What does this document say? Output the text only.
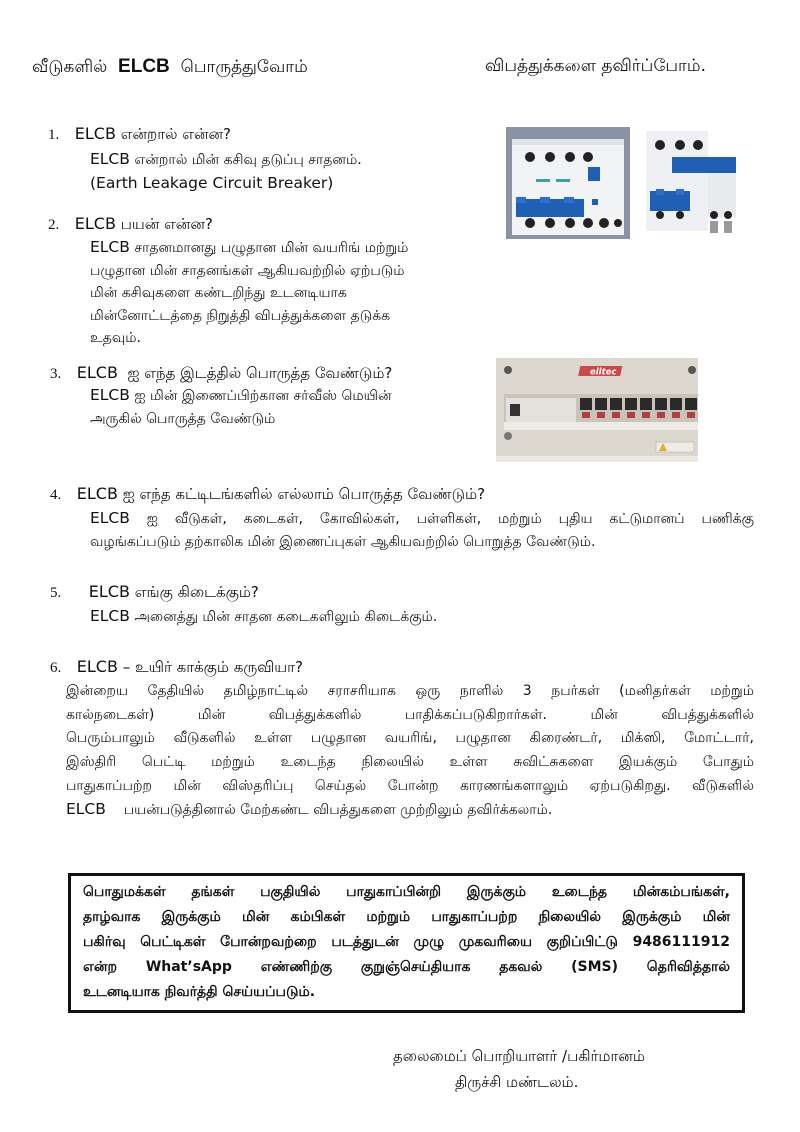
வீடுகளில் ELCB பொருத்துவோம்	விபத்துக்களை தவிர்ப்போம்.
1. ELCB என்றால் என்ன?
ELCB என்றால் மின் கசிவு தடுப்பு சாதனம்.
(Earth Leakage Circuit Breaker)
2. ELCB பயன் என்ன?
ELCB சாதனமானது பழுதான மின் வயரிங் மற்றும்
பழுதான மின் சாதனங்கள் ஆகியவற்றில் ஏற்படும்
மின் கசிவுகளை கண்டறிந்து உடனடியாக
மின்னோட்டத்தை நிறுத்தி விபத்துக்களை தடுக்க
உதவும்.
3. ELCB ஐ எந்த இடத்தில் பொருத்த வேண்டும்?
ELCB ஐ மின் இணைப்பிற்கான சர்வீஸ் மெயின்
அருகில் பொருத்த வேண்டும்
elltec
4. ELCB ஐ எந்த கட்டிடங்களில் எல்லாம் பொருத்த வேண்டும்?
ELCB ஐ வீடுகள், கடைகள், கோவில்கள், பள்ளிகள், மற்றும் புதிய கட்டுமானப் பணிக்கு
வழங்கப்படும் தற்காலிக மின் இணைப்புகள் ஆகியவற்றில் பொறுத்த வேண்டும்.
5. ELCB எங்கு கிடைக்கும்?
ELCB அனைத்து மின் சாதன கடைகளிலும் கிடைக்கும்.
6. ELCB – உயிர் காக்கும் கருவியா?
இன்றைய தேதியில் தமிழ்நாட்டில் சராசரியாக ஒரு நாளில் 3 நபர்கள் (மனிதர்கள் மற்றும்
கால்நடைகள்) மின் விபத்துக்களில் பாதிக்கப்படுகிறார்கள். மின் விபத்துக்களில்
பெரும்பாலும் வீடுகளில் உள்ள பழுதான வயரிங், பழுதான கிரைண்டர், மிக்ஸி, மோட்டார்,
இஸ்திரி பெட்டி மற்றும் உடைந்த நிலையில் உள்ள சுவிட்சுகளை இயக்கும் போதும்
பாதுகாப்பற்ற மின் விஸ்தரிப்பு செய்தல் போன்ற காரணங்களாலும் ஏற்படுகிறது. வீடுகளில்
ELCB பயன்படுத்தினால் மேற்கண்ட விபத்துகளை முற்றிலும் தவிர்க்கலாம்.
பொதுமக்கள் தங்கள் பகுதியில் பாதுகாப்பின்றி இருக்கும் உடைந்த மின்கம்பங்கள்,
தாழ்வாக இருக்கும் மின் கம்பிகள் மற்றும் பாதுகாப்பற்ற நிலையில் இருக்கும் மின்
பகிர்வு பெட்டிகள் போன்றவற்றை படத்துடன் முழு முகவரியை குறிப்பிட்டு 9486111912
என்ற What’sApp எண்ணிற்கு குறுஞ்செய்தியாக தகவல் (SMS) தெரிவித்தால்
உடனடியாக நிவர்த்தி செய்யப்படும்.
தலைமைப் பொறியாளர் /பகிர்மானம்
திருச்சி மண்டலம்.
